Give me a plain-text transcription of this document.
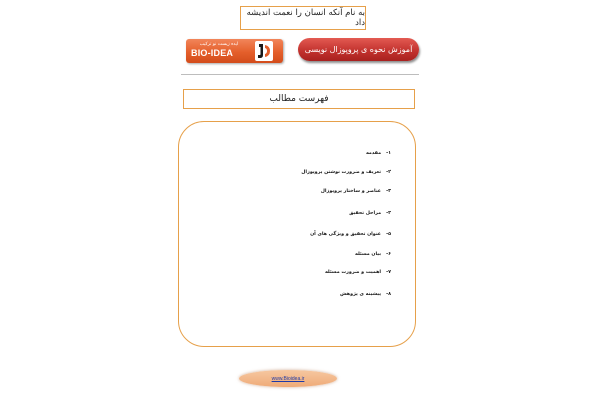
به نام آنکه انسان را نعمت اندیشه داد
ایده زیست نو ترکیب
BIO-IDEA	آموزش نحوه ی پروپوزال نویسی
فهرست مطالب
۱-
مقدمه
۲-
تعریف و ضرورت نوشتن پروپوزال
۳-
عناصر و ساختار پروپوزال
۴-
مراحل تحقیق
۵-
عنوان تحقیق و ویژگی های آن
۶-
بیان مسئله
۷-
اهمیت و ضرورت مسئله
۸-
پیشینه ی پژوهش
www.Bioidea.ir
